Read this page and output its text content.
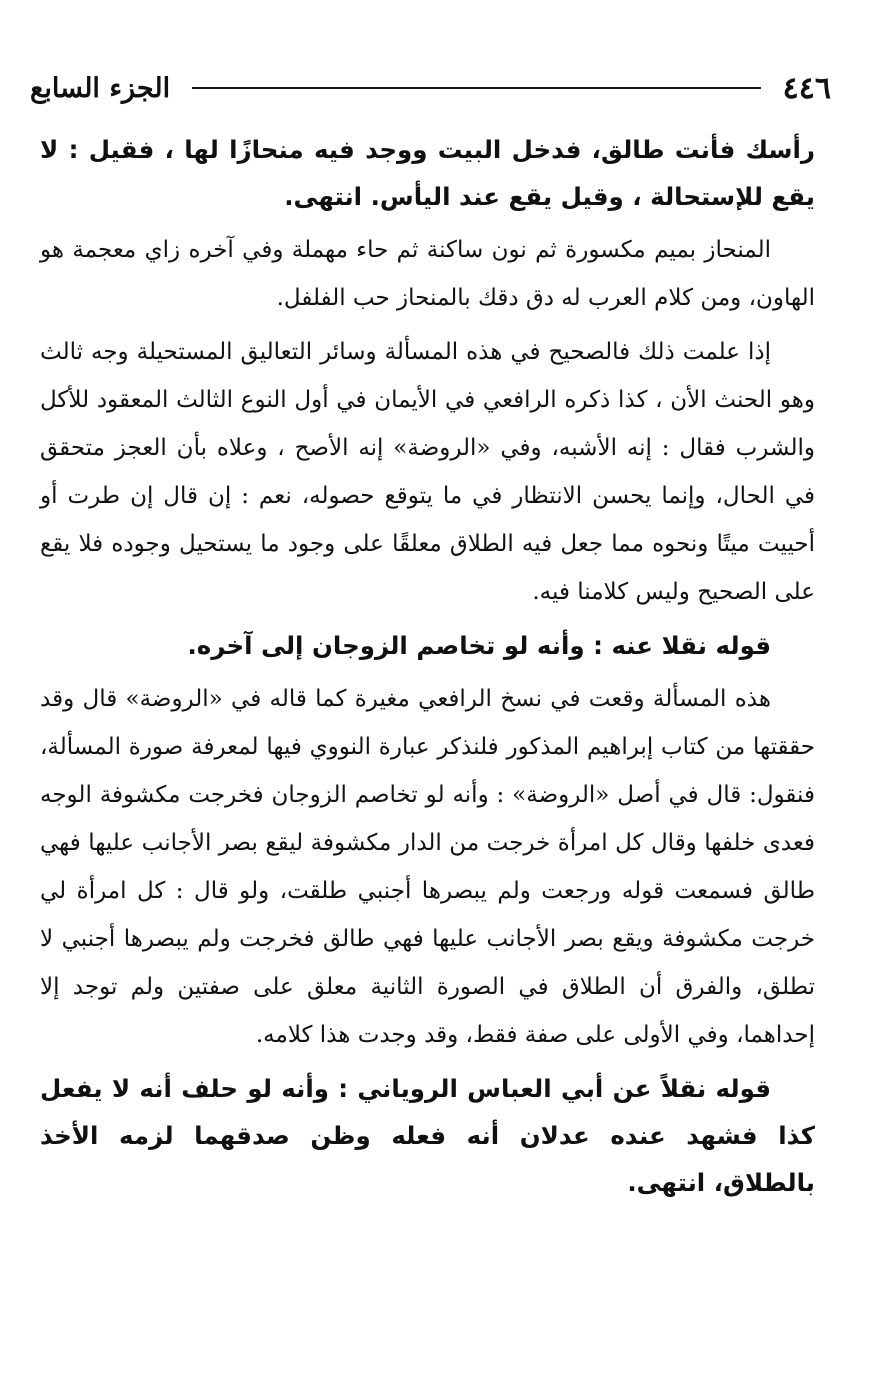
٤٤٦
الجزء السابع

رأسك فأنت طالق، فدخل البيت ووجد فيه منحازًا لها ، فقيل : لا يقع للإستحالة ، وقيل يقع عند اليأس. انتهى.

المنحاز بميم مكسورة ثم نون ساكنة ثم حاء مهملة وفي آخره زاي معجمة هو الهاون، ومن كلام العرب له دق دقك بالمنحاز حب الفلفل.

إذا علمت ذلك فالصحيح في هذه المسألة وسائر التعاليق المستحيلة وجه ثالث وهو الحنث الأن ، كذا ذكره الرافعي في الأيمان في أول النوع الثالث المعقود للأكل والشرب فقال : إنه الأشبه، وفي «الروضة» إنه الأصح ، وعلاه بأن العجز متحقق في الحال، وإنما يحسن الانتظار في ما يتوقع حصوله، نعم : إن قال إن طرت أو أحييت ميتًا ونحوه مما جعل فيه الطلاق معلقًا على وجود ما يستحيل وجوده فلا يقع على الصحيح وليس كلامنا فيه.

قوله نقلا عنه : وأنه لو تخاصم الزوجان إلى آخره.

هذه المسألة وقعت في نسخ الرافعي مغيرة كما قاله في «الروضة» قال وقد حققتها من كتاب إبراهيم المذكور فلنذكر عبارة النووي فيها لمعرفة صورة المسألة، فنقول: قال في أصل «الروضة» : وأنه لو تخاصم الزوجان فخرجت مكشوفة الوجه فعدى خلفها وقال كل امرأة خرجت من الدار مكشوفة ليقع بصر الأجانب عليها فهي طالق فسمعت قوله ورجعت ولم يبصرها أجنبي طلقت، ولو قال : كل امرأة لي خرجت مكشوفة ويقع بصر الأجانب عليها فهي طالق فخرجت ولم يبصرها أجنبي لا تطلق، والفرق أن الطلاق في الصورة الثانية معلق على صفتين ولم توجد إلا إحداهما، وفي الأولى على صفة فقط، وقد وجدت هذا كلامه.

قوله نقلاً عن أبي العباس الروياني : وأنه لو حلف أنه لا يفعل كذا فشهد عنده عدلان أنه فعله وظن صدقهما لزمه الأخذ بالطلاق، انتهى.
